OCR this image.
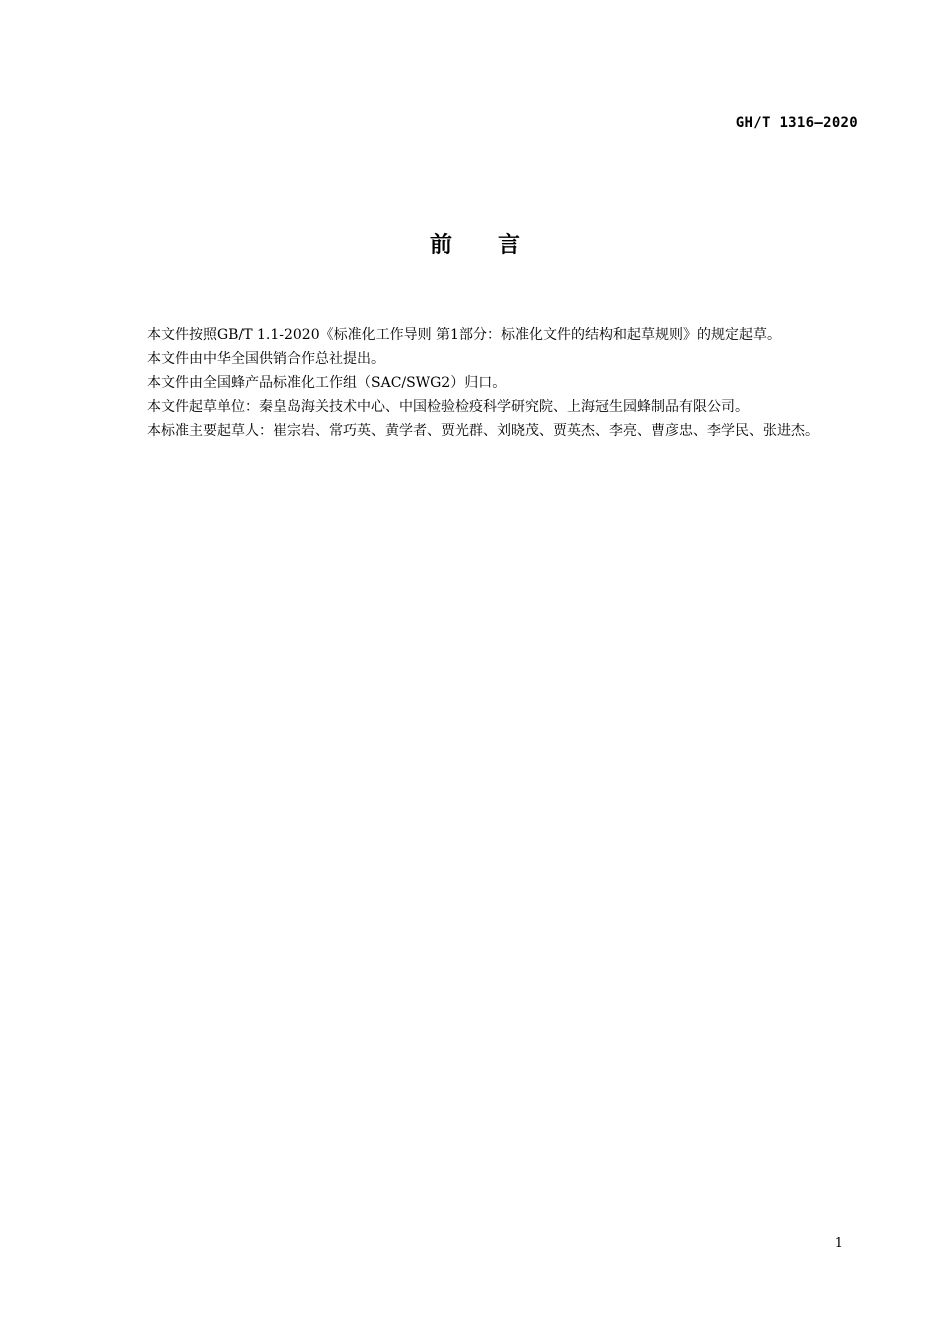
GH/T 1316—2020
前言

本文件按照GB/T 1.1-2020《标准化工作导则 第1部分：标准化文件的结构和起草规则》的规定起草。

本文件由中华全国供销合作总社提出。

本文件由全国蜂产品标准化工作组（SAC/SWG2）归口。

本文件起草单位：秦皇岛海关技术中心、中国检验检疫科学研究院、上海冠生园蜂制品有限公司。

本标准主要起草人：崔宗岩、常巧英、黄学者、贾光群、刘晓茂、贾英杰、李亮、曹彦忠、李学民、张进杰。

1
